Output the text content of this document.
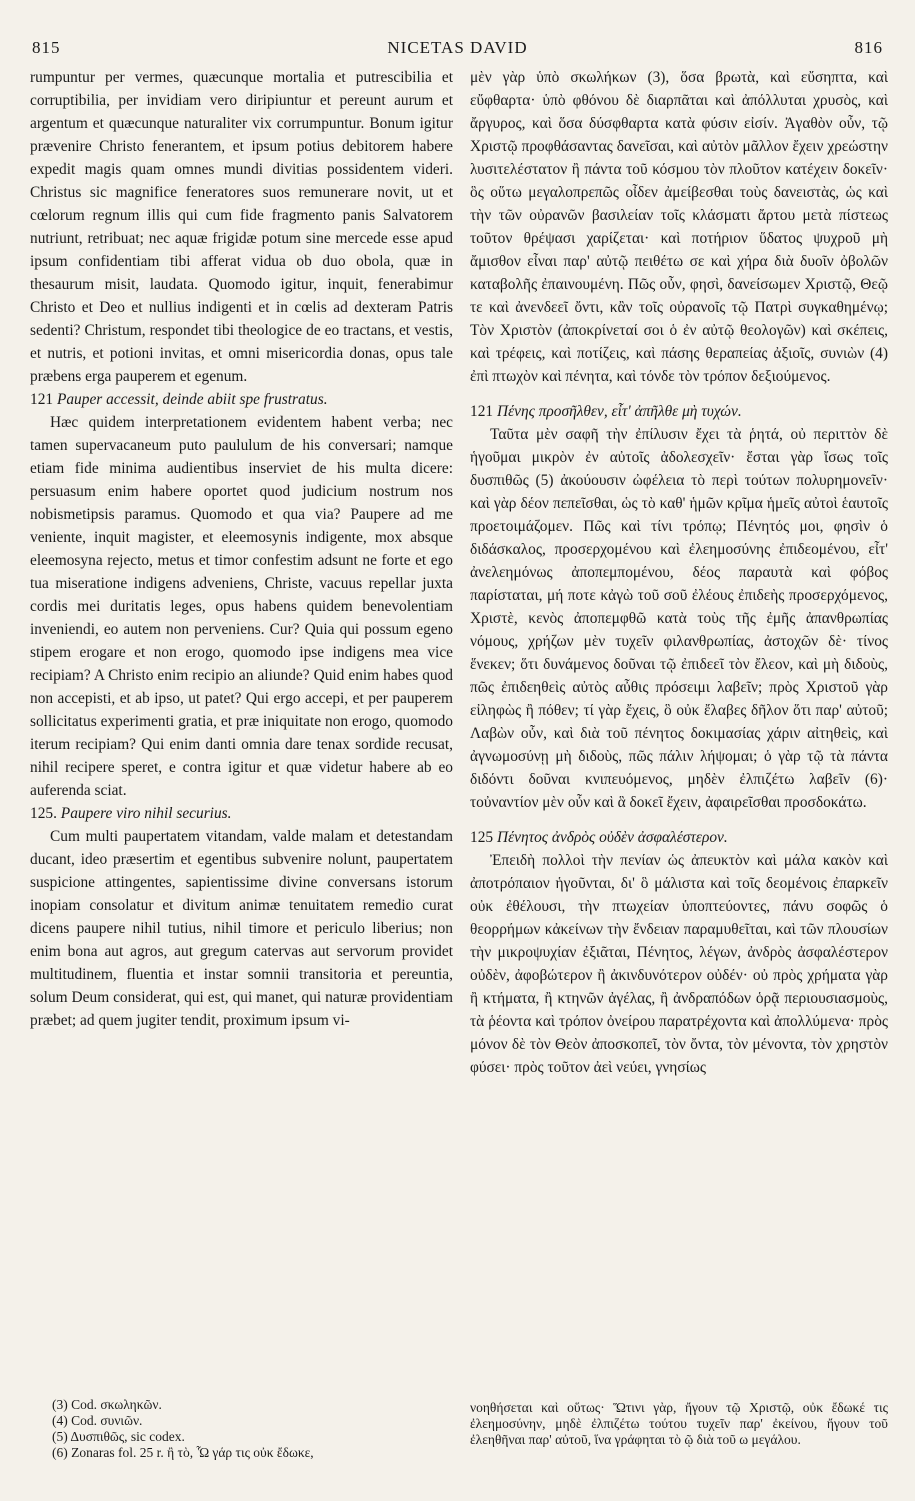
815	NICETAS DAVID	816

rumpuntur per vermes, quæcunque mortalia et putrescibilia et corruptibilia, per invidiam vero diripiuntur et pereunt aurum et argentum et quæcunque naturaliter vix corrumpuntur. Bonum igitur prævenire Christo fenerantem, et ipsum potius debitorem habere expedit magis quam omnes mundi divitias possidentem videri. Christus sic magnifice feneratores suos remunerare novit, ut et cœlorum regnum illis qui cum fide fragmento panis Salvatorem nutriunt, retribuat; nec aquæ frigidæ potum sine mercede esse apud ipsum confidentiam tibi afferat vidua ob duo obola, quæ in thesaurum misit, laudata. Quomodo igitur, inquit, fenerabimur Christo et Deo et nullius indigenti et in cœlis ad dexteram Patris sedenti? Christum, respondet tibi theologice de eo tractans, et vestis, et nutris, et potioni invitas, et omni misericordia donas, opus tale præbens erga pauperem et egenum.

121 Pauper accessit, deinde abiit spe frustratus.

Hæc quidem interpretationem evidentem habent verba; nec tamen supervacaneum puto paululum de his conversari; namque etiam fide minima audientibus inserviet de his multa dicere: persuasum enim habere oportet quod judicium nostrum nos nobismetipsis paramus. Quomodo et qua via? Paupere ad me veniente, inquit magister, et eleemosynis indigente, mox absque eleemosyna rejecto, metus et timor confestim adsunt ne forte et ego tua miseratione indigens adveniens, Christe, vacuus repellar juxta cordis mei duritatis leges, opus habens quidem benevolentiam inveniendi, eo autem non perveniens. Cur? Quia qui possum egeno stipem erogare et non erogo, quomodo ipse indigens mea vice recipiam? A Christo enim recipio an aliunde? Quid enim habes quod non accepisti, et ab ipso, ut patet? Qui ergo accepi, et per pauperem sollicitatus experimenti gratia, et præ iniquitate non erogo, quomodo iterum recipiam? Qui enim danti omnia dare tenax sordide recusat, nihil recipere speret, e contra igitur et quæ videtur habere ab eo auferenda sciat.

125. Paupere viro nihil securius.

Cum multi paupertatem vitandam, valde malam et detestandam ducant, ideo præsertim et egentibus subvenire nolunt, paupertatem suspicione attingentes, sapientissime divine conversans istorum inopiam consolatur et divitum animæ tenuitatem remedio curat dicens paupere nihil tutius, nihil timore et periculo liberius; non enim bona aut agros, aut gregum catervas aut servorum providet multitudinem, fluentia et instar somnii transitoria et pereuntia, solum Deum considerat, qui est, qui manet, qui naturæ providentiam præbet; ad quem jugiter tendit, proximum ipsum vi-

μὲν γὰρ ὑπὸ σκωλήκων (3), ὅσα βρωτὰ, καὶ εὔσηπτα, καὶ εὔφθαρτα· ὑπὸ φθόνου δὲ διαρπᾶται καὶ ἀπόλλυται χρυσὸς, καὶ ἄργυρος, καὶ ὅσα δύσφθαρτα κατὰ φύσιν εἰσίν. Ἀγαθὸν οὖν, τῷ Χριστῷ προφθάσαντας δανεῖσαι, καὶ αὐτὸν μᾶλλον ἔχειν χρεώστην λυσιτελέστατον ἢ πάντα τοῦ κόσμου τὸν πλοῦτον κατέχειν δοκεῖν· ὃς οὕτω μεγαλοπρεπῶς οἶδεν ἀμείβεσθαι τοὺς δανειστὰς, ὡς καὶ τὴν τῶν οὐρανῶν βασιλείαν τοῖς κλάσματι ἄρτου μετὰ πίστεως τοῦτον θρέψασι χαρίζεται· καὶ ποτήριον ὕδατος ψυχροῦ μὴ ἄμισθον εἶναι παρ' αὐτῷ πειθέτω σε καὶ χήρα διὰ δυοῖν ὀβολῶν καταβολῆς ἐπαινουμένη. Πῶς οὖν, φησὶ, δανείσωμεν Χριστῷ, Θεῷ τε καὶ ἀνενδεεῖ ὄντι, κἂν τοῖς οὐρανοῖς τῷ Πατρὶ συγκαθημένῳ; Τὸν Χριστὸν (ἀποκρίνεταί σοι ὁ ἐν αὐτῷ θεολογῶν) καὶ σκέπεις, καὶ τρέφεις, καὶ ποτίζεις, καὶ πάσης θεραπείας ἀξιοῖς, συνιὼν (4) ἐπὶ πτωχὸν καὶ πένητα, καὶ τόνδε τὸν τρόπον δεξιούμενος.

121 Πένης προσῆλθεν, εἶτ' ἀπῆλθε μὴ τυχών.

Ταῦτα μὲν σαφῆ τὴν ἐπίλυσιν ἔχει τὰ ῥητά, οὐ περιττὸν δὲ ἡγοῦμαι μικρὸν ἐν αὐτοῖς ἀδολεσχεῖν· ἔσται γὰρ ἴσως τοῖς δυσπιθῶς (5) ἀκούουσιν ὠφέλεια τὸ περὶ τούτων πολυρημονεῖν· καὶ γὰρ δέον πεπεῖσθαι, ὡς τὸ καθ' ἡμῶν κρῖμα ἡμεῖς αὐτοὶ ἑαυτοῖς προετοιμάζομεν. Πῶς καὶ τίνι τρόπῳ; Πένητός μοι, φησὶν ὁ διδάσκαλος, προσερχομένου καὶ ἐλεημοσύνης ἐπιδεομένου, εἶτ' ἀνελεημόνως ἀποπεμπομένου, δέος παραυτὰ καὶ φόβος παρίσταται, μή ποτε κἀγὼ τοῦ σοῦ ἐλέους ἐπιδεὴς προσερχόμενος, Χριστὲ, κενὸς ἀποπεμφθῶ κατὰ τοὺς τῆς ἐμῆς ἀπανθρωπίας νόμους, χρήζων μὲν τυχεῖν φιλανθρωπίας, ἀστοχῶν δὲ· τίνος ἕνεκεν; ὅτι δυνάμενος δοῦναι τῷ ἐπιδεεῖ τὸν ἔλεον, καὶ μὴ διδοὺς, πῶς ἐπιδεηθεὶς αὐτὸς αὖθις πρόσειμι λαβεῖν; πρὸς Χριστοῦ γὰρ εἰληφὼς ἢ πόθεν; τί γὰρ ἔχεις, ὃ οὐκ ἔλαβες δῆλον ὅτι παρ' αὐτοῦ; Λαβὼν οὖν, καὶ διὰ τοῦ πένητος δοκιμασίας χάριν αἰτηθεὶς, καὶ ἀγνωμοσύνῃ μὴ διδοὺς, πῶς πάλιν λήψομαι; ὁ γὰρ τῷ τὰ πάντα διδόντι δοῦναι κνιπευόμενος, μηδὲν ἐλπιζέτω λαβεῖν (6)· τοὐναντίον μὲν οὖν καὶ ἃ δοκεῖ ἔχειν, ἀφαιρεῖσθαι προσδοκάτω.

125 Πένητος ἀνδρὸς οὐδὲν ἀσφαλέστερον.

Ἐπειδὴ πολλοὶ τὴν πενίαν ὡς ἀπευκτὸν καὶ μάλα κακὸν καὶ ἀποτρόπαιον ἡγοῦνται, δι' ὃ μάλιστα καὶ τοῖς δεομένοις ἐπαρκεῖν οὐκ ἐθέλουσι, τὴν πτωχείαν ὑποπτεύοντες, πάνυ σοφῶς ὁ θεορρήμων κἀκείνων τὴν ἔνδειαν παραμυθεῖται, καὶ τῶν πλουσίων τὴν μικροψυχίαν ἐξιᾶται, Πένητος, λέγων, ἀνδρὸς ἀσφαλέστερον οὐδὲν, ἀφοβώτερον ἢ ἀκινδυνότερον οὐδέν· οὐ πρὸς χρήματα γὰρ ἢ κτήματα, ἢ κτηνῶν ἀγέλας, ἢ ἀνδραπόδων ὁρᾷ περιουσιασμοὺς, τὰ ῥέοντα καὶ τρόπον ὀνείρου παρατρέχοντα καὶ ἀπολλύμενα· πρὸς μόνον δὲ τὸν Θεὸν ἀποσκοπεῖ, τὸν ὄντα, τὸν μένοντα, τὸν χρηστὸν φύσει· πρὸς τοῦτον ἀεὶ νεύει, γνησίως

(3) Cod. σκωληκῶν.
(4) Cod. συνιῶν.
(5) Δυσπιθῶς, sic codex.
(6) Zonaras fol. 25 r. ἢ τὸ, Ὧ γάρ τις οὐκ ἔδωκε,
νοηθήσεται καὶ οὕτως· Ὥτινι γὰρ, ἤγουν τῷ Χριστῷ, οὐκ ἔδωκέ τις ἐλεημοσύνην, μηδὲ ἐλπιζέτω τούτου τυχεῖν παρ' ἐκείνου, ἤγουν τοῦ ἐλεηθῆναι παρ' αὐτοῦ, ἵνα γράφηται τὸ ῷ διὰ τοῦ ω μεγάλου.
